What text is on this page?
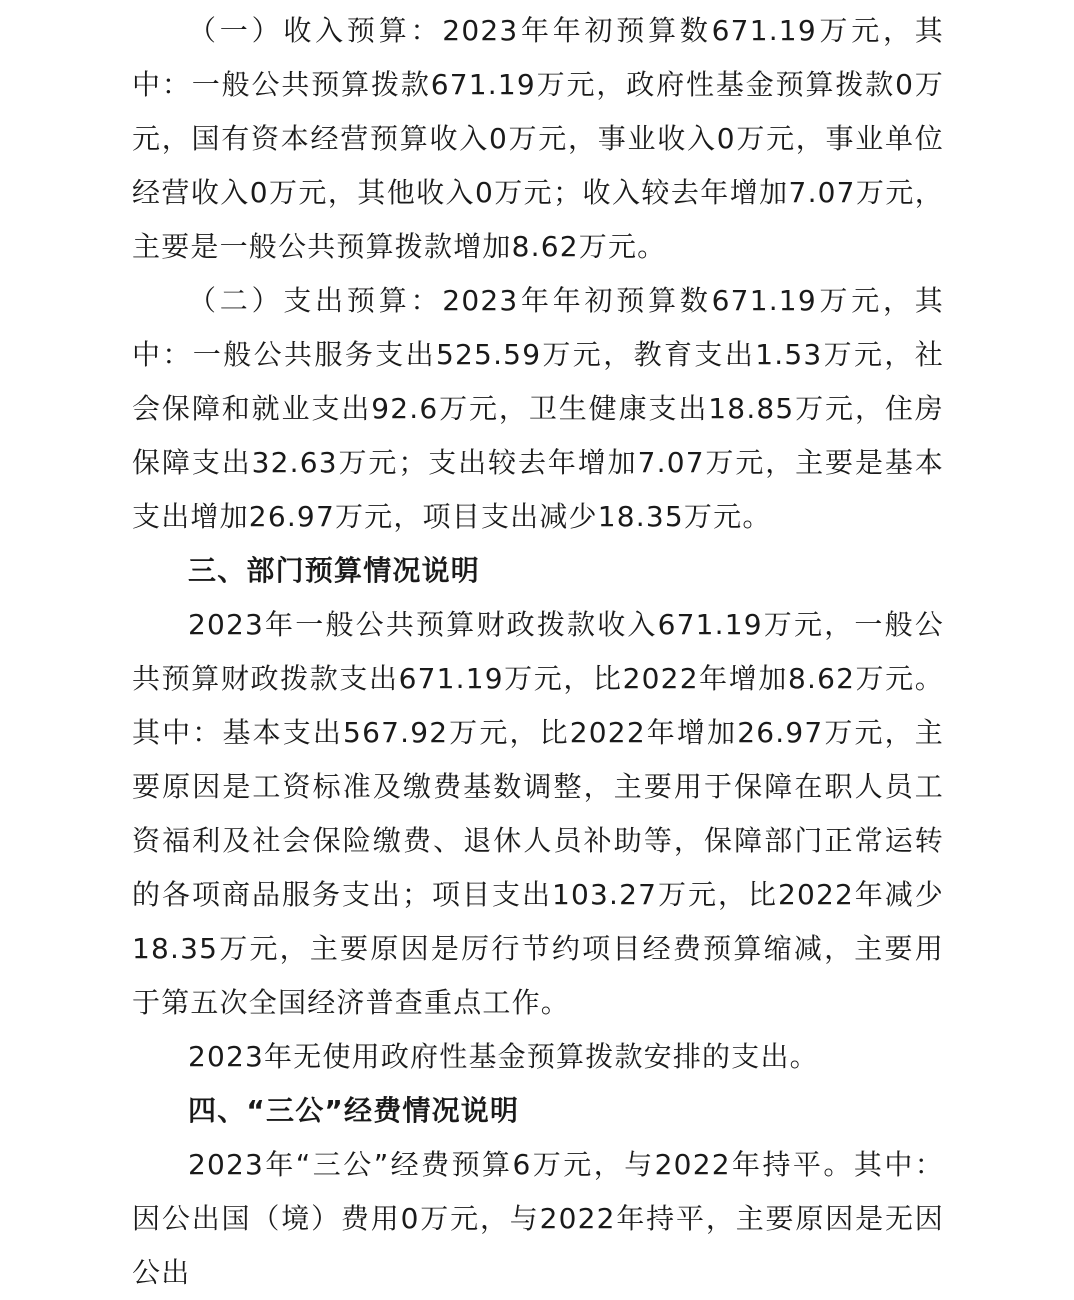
（一）收入预算：2023年年初预算数671.19万元，其中：一般公共预算拨款671.19万元，政府性基金预算拨款0万元，国有资本经营预算收入0万元，事业收入0万元，事业单位经营收入0万元，其他收入0万元；收入较去年增加7.07万元，主要是一般公共预算拨款增加8.62万元。

（二）支出预算：2023年年初预算数671.19万元，其中：一般公共服务支出525.59万元，教育支出1.53万元，社会保障和就业支出92.6万元，卫生健康支出18.85万元，住房保障支出32.63万元；支出较去年增加7.07万元，主要是基本支出增加26.97万元，项目支出减少18.35万元。

三、部门预算情况说明

2023年一般公共预算财政拨款收入671.19万元，一般公共预算财政拨款支出671.19万元，比2022年增加8.62万元。其中：基本支出567.92万元，比2022年增加26.97万元，主要原因是工资标准及缴费基数调整，主要用于保障在职人员工资福利及社会保险缴费、退休人员补助等，保障部门正常运转的各项商品服务支出；项目支出103.27万元，比2022年减少18.35万元，主要原因是厉行节约项目经费预算缩减，主要用于第五次全国经济普查重点工作。

2023年无使用政府性基金预算拨款安排的支出。

四、“三公”经费情况说明

2023年“三公”经费预算6万元，与2022年持平。其中：因公出国（境）费用0万元，与2022年持平，主要原因是无因公出
